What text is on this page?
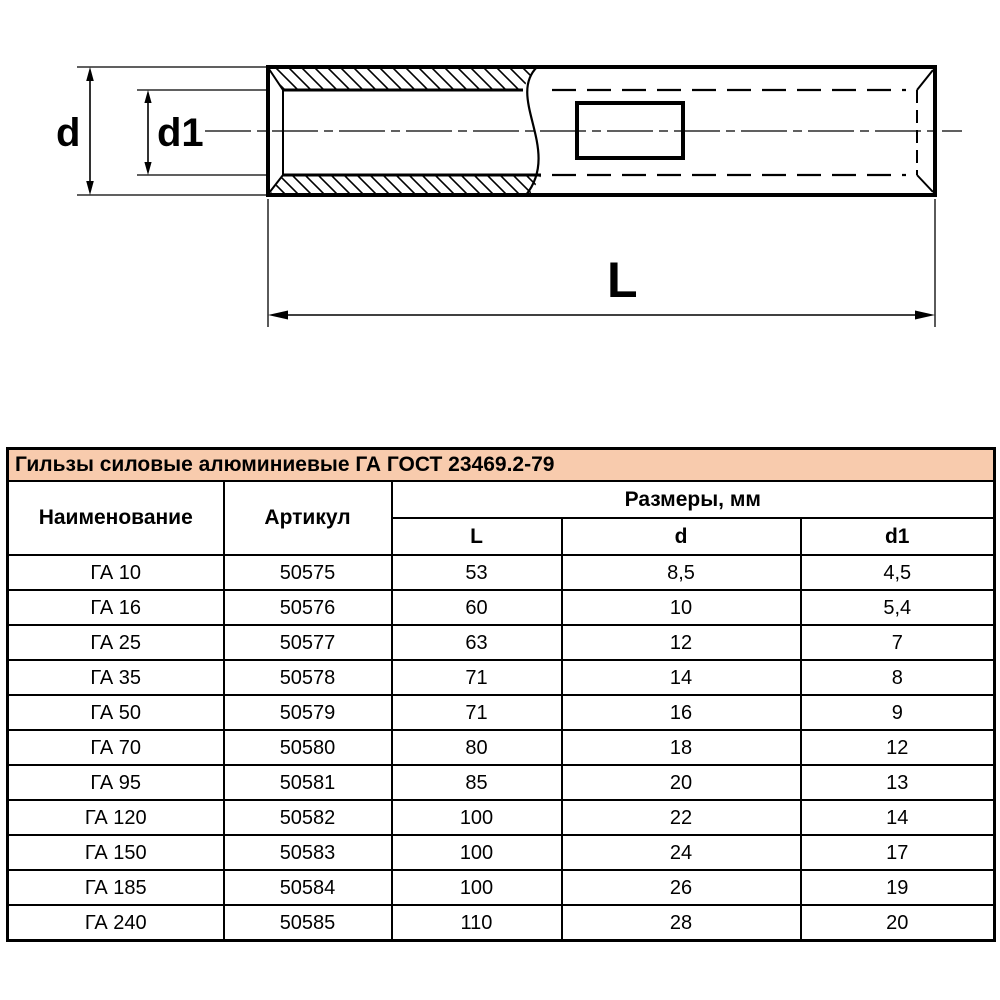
d d1
L
Гильзы силовые алюминиевые ГА ГОСТ 23469.2-79				
Наименование	Артикул	Размеры, мм		
		L	d	d1
ГА 10	50575	53	8,5	4,5
ГА 16	50576	60	10	5,4
ГА 25	50577	63	12	7
ГА 35	50578	71	14	8
ГА 50	50579	71	16	9
ГА 70	50580	80	18	12
ГА 95	50581	85	20	13
ГА 120	50582	100	22	14
ГА 150	50583	100	24	17
ГА 185	50584	100	26	19
ГА 240	50585	110	28	20
